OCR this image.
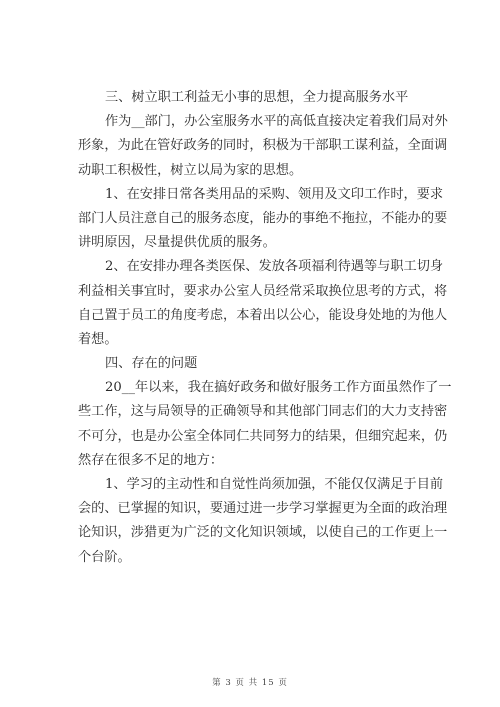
三、树立职工利益无小事的思想，全力提高服务水平
作为__部门，办公室服务水平的高低直接决定着我们局对外
形象，为此在管好政务的同时，积极为干部职工谋利益，全面调
动职工积极性，树立以局为家的思想。
1、在安排日常各类用品的采购、领用及文印工作时，要求
部门人员注意自己的服务态度，能办的事绝不拖拉，不能办的要
讲明原因，尽量提供优质的服务。
2、在安排办理各类医保、发放各项福利待遇等与职工切身
利益相关事宜时，要求办公室人员经常采取换位思考的方式，将
自己置于员工的角度考虑，本着出以公心，能设身处地的为他人
着想。
四、存在的问题
20__年以来，我在搞好政务和做好服务工作方面虽然作了一
些工作，这与局领导的正确领导和其他部门同志们的大力支持密
不可分，也是办公室全体同仁共同努力的结果，但细究起来，仍
然存在很多不足的地方：
1、学习的主动性和自觉性尚须加强，不能仅仅满足于目前
会的、已掌握的知识，要通过进一步学习掌握更为全面的政治理
论知识，涉猎更为广泛的文化知识领域，以使自己的工作更上一
个台阶。
第 3 页 共 15 页
